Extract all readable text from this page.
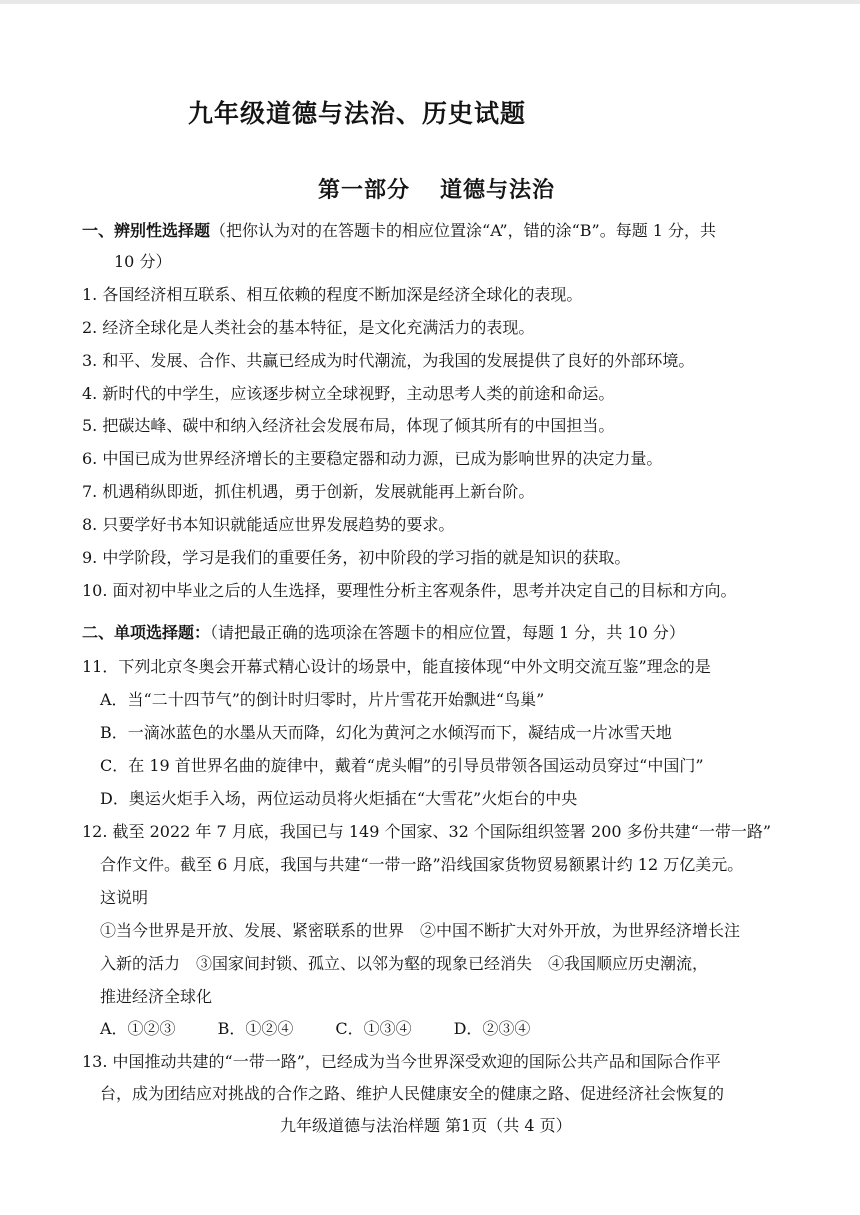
九年级道德与法治、历史试题
第一部分 道德与法治
一、辨别性选择题（把你认为对的在答题卡的相应位置涂“A”，错的涂“B”。每题 1 分，共
10 分）
1. 各国经济相互联系、相互依赖的程度不断加深是经济全球化的表现。
2. 经济全球化是人类社会的基本特征，是文化充满活力的表现。
3. 和平、发展、合作、共赢已经成为时代潮流，为我国的发展提供了良好的外部环境。
4. 新时代的中学生，应该逐步树立全球视野，主动思考人类的前途和命运。
5. 把碳达峰、碳中和纳入经济社会发展布局，体现了倾其所有的中国担当。
6. 中国已成为世界经济增长的主要稳定器和动力源，已成为影响世界的决定力量。
7. 机遇稍纵即逝，抓住机遇，勇于创新，发展就能再上新台阶。
8. 只要学好书本知识就能适应世界发展趋势的要求。
9. 中学阶段，学习是我们的重要任务，初中阶段的学习指的就是知识的获取。
10. 面对初中毕业之后的人生选择，要理性分析主客观条件，思考并决定自己的目标和方向。
二、单项选择题：（请把最正确的选项涂在答题卡的相应位置，每题 1 分，共 10 分）
11．下列北京冬奥会开幕式精心设计的场景中，能直接体现“中外文明交流互鉴”理念的是
A．当“二十四节气”的倒计时归零时，片片雪花开始飘进“鸟巢”
B．一滴冰蓝色的水墨从天而降，幻化为黄河之水倾泻而下，凝结成一片冰雪天地
C．在 19 首世界名曲的旋律中，戴着“虎头帽”的引导员带领各国运动员穿过“中国门”
D．奥运火炬手入场，两位运动员将火炬插在“大雪花”火炬台的中央
12. 截至 2022 年 7 月底，我国已与 149 个国家、32 个国际组织签署 200 多份共建“一带一路”
合作文件。截至 6 月底，我国与共建“一带一路”沿线国家货物贸易额累计约 12 万亿美元。
这说明
①当今世界是开放、发展、紧密联系的世界　②中国不断扩大对外开放，为世界经济增长注
入新的活力　③国家间封锁、孤立、以邻为壑的现象已经消失　④我国顺应历史潮流，
推进经济全球化
A．①②③	B．①②④	C．①③④	D．②③④
13. 中国推动共建的“一带一路”，已经成为当今世界深受欢迎的国际公共产品和国际合作平
台，成为团结应对挑战的合作之路、维护人民健康安全的健康之路、促进经济社会恢复的
九年级道德与法治样题 第1页（共 4 页）
